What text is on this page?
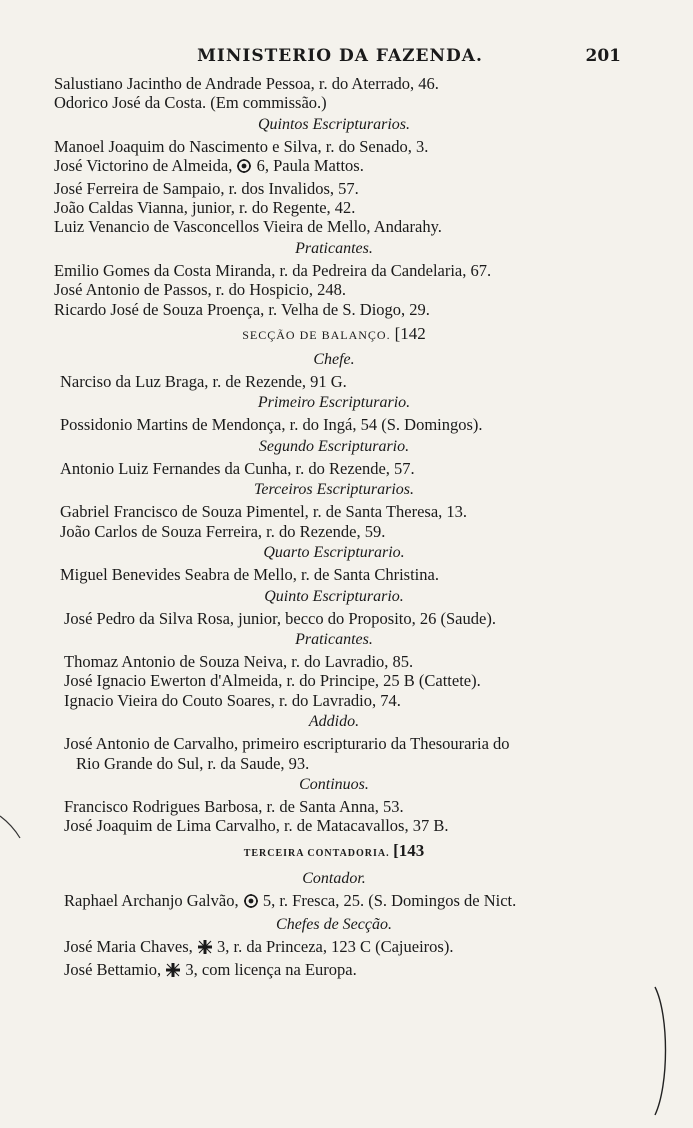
MINISTERIO DA FAZENDA.	201
Salustiano Jacintho de Andrade Pessoa, r. do Aterrado, 46.
Odorico José da Costa. (Em commissão.)
Quintos Escripturarios.
Manoel Joaquim do Nascimento e Silva, r. do Senado, 3.
José Victorino de Almeida,  6, Paula Mattos.
José Ferreira de Sampaio, r. dos Invalidos, 57.
João Caldas Vianna, junior, r. do Regente, 42.
Luiz Venancio de Vasconcellos Vieira de Mello, Andarahy.
Praticantes.
Emilio Gomes da Costa Miranda, r. da Pedreira da Candelaria, 67.
José Antonio de Passos, r. do Hospicio, 248.
Ricardo José de Souza Proença, r. Velha de S. Diogo, 29.
SECÇÃO DE BALANÇO. [142
Chefe.
Narciso da Luz Braga, r. de Rezende, 91 G.
Primeiro Escripturario.
Possidonio Martins de Mendonça, r. do Ingá, 54 (S. Domingos).
Segundo Escripturario.
Antonio Luiz Fernandes da Cunha, r. do Rezende, 57.
Terceiros Escripturarios.
Gabriel Francisco de Souza Pimentel, r. de Santa Theresa, 13.
João Carlos de Souza Ferreira, r. do Rezende, 59.
Quarto Escripturario.
Miguel Benevides Seabra de Mello, r. de Santa Christina.
Quinto Escripturario.
José Pedro da Silva Rosa, junior, becco do Proposito, 26 (Saude).
Praticantes.
Thomaz Antonio de Souza Neiva, r. do Lavradio, 85.
José Ignacio Ewerton d'Almeida, r. do Principe, 25 B (Cattete).
Ignacio Vieira do Couto Soares, r. do Lavradio, 74.
Addido.
José Antonio de Carvalho, primeiro escripturario da Thesouraria do
Rio Grande do Sul, r. da Saude, 93.
Continuos.
Francisco Rodrigues Barbosa, r. de Santa Anna, 53.
José Joaquim de Lima Carvalho, r. de Matacavallos, 37 B.
TERCEIRA CONTADORIA. [143
Contador.
Raphael Archanjo Galvão,  5, r. Fresca, 25. (S. Domingos de Nict.
Chefes de Secção.
José Maria Chaves,  3, r. da Princeza, 123 C (Cajueiros).
José Bettamio,  3, com licença na Europa.
